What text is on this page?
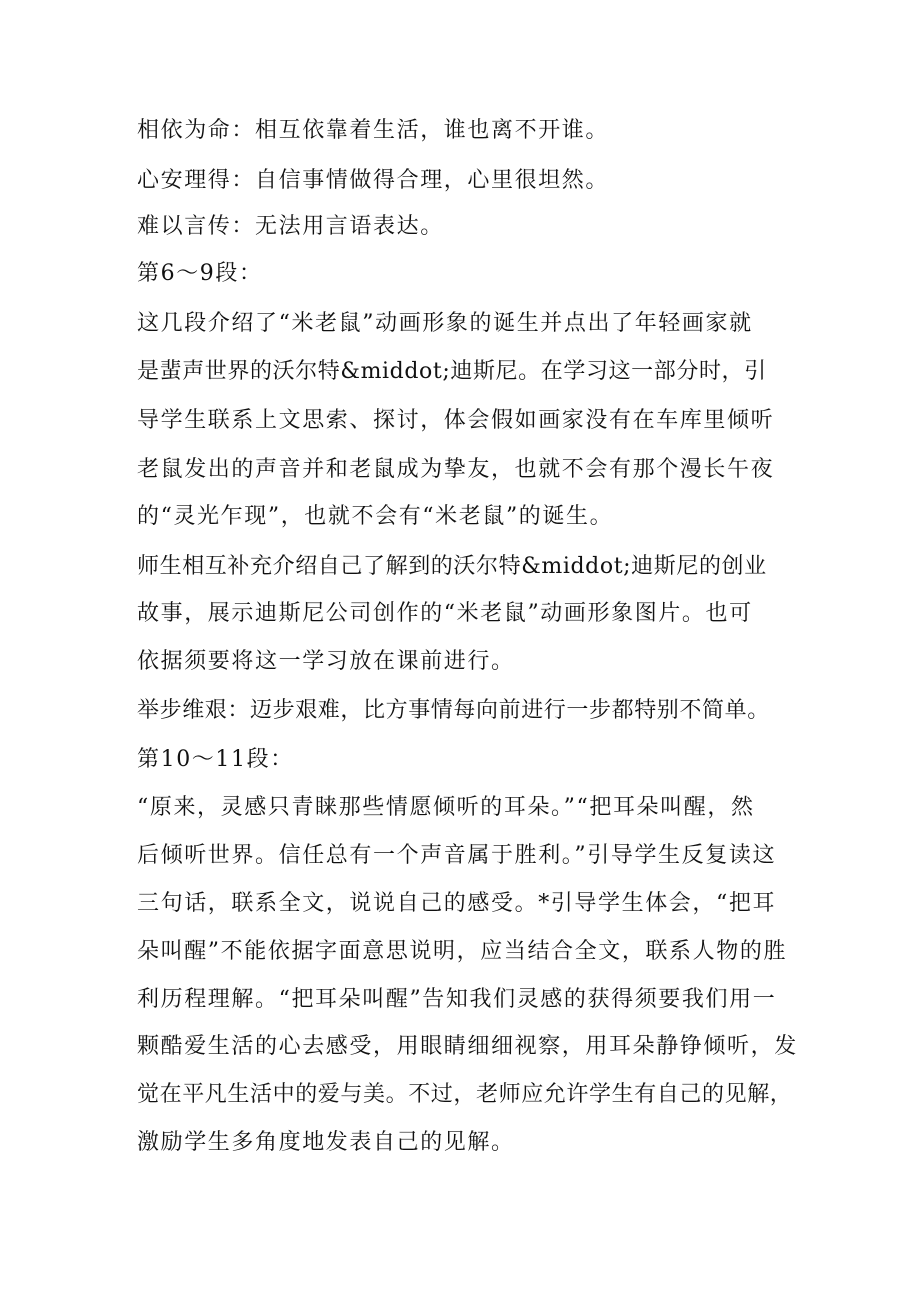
相依为命：相互依靠着生活，谁也离不开谁。
心安理得：自信事情做得合理，心里很坦然。
难以言传：无法用言语表达。
第6～9段：
这几段介绍了“米老鼠”动画形象的诞生并点出了年轻画家就
是蜚声世界的沃尔特&middot;迪斯尼。在学习这一部分时，引
导学生联系上文思索、探讨，体会假如画家没有在车库里倾听
老鼠发出的声音并和老鼠成为挚友，也就不会有那个漫长午夜
的“灵光乍现”，也就不会有“米老鼠”的诞生。
师生相互补充介绍自己了解到的沃尔特&middot;迪斯尼的创业
故事，展示迪斯尼公司创作的“米老鼠”动画形象图片。也可
依据须要将这一学习放在课前进行。
举步维艰：迈步艰难，比方事情每向前进行一步都特别不简单。
第10～11段：
“原来，灵感只青睐那些情愿倾听的耳朵。”“把耳朵叫醒，然
后倾听世界。信任总有一个声音属于胜利。”引导学生反复读这
三句话，联系全文，说说自己的感受。*引导学生体会，“把耳
朵叫醒”不能依据字面意思说明，应当结合全文，联系人物的胜
利历程理解。“把耳朵叫醒”告知我们灵感的获得须要我们用一
颗酷爱生活的心去感受，用眼睛细细视察，用耳朵静铮倾听，发
觉在平凡生活中的爱与美。不过，老师应允许学生有自己的见解，
激励学生多角度地发表自己的见解。
